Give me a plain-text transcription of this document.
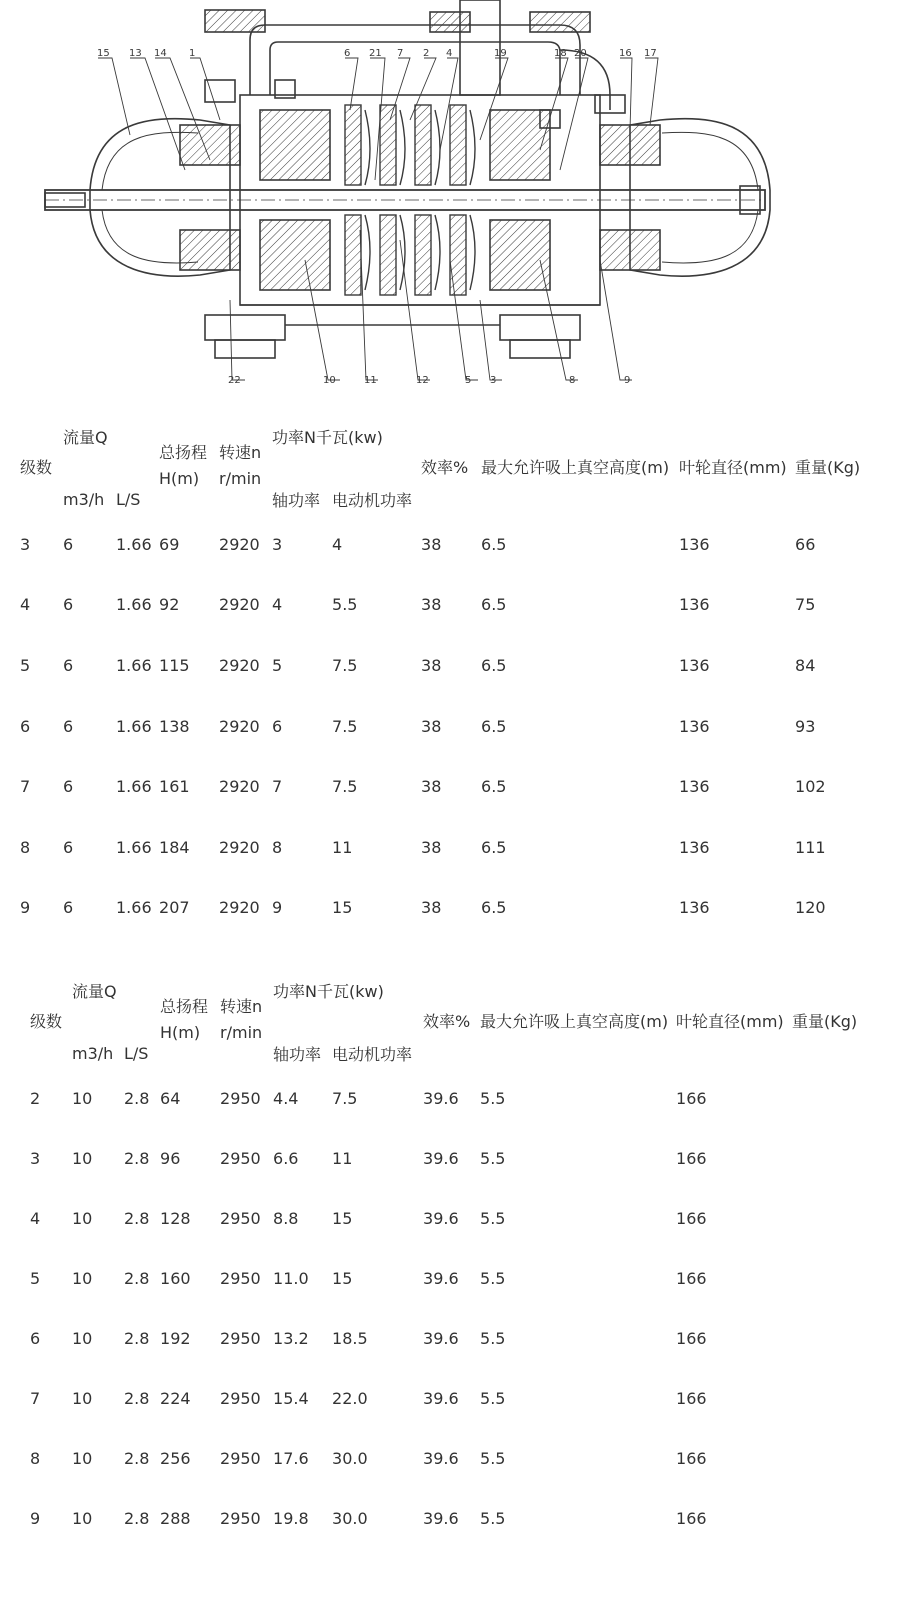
15 13 14 1	6 21 7 2 4	19	18 20	16 17
22	10	11	12	5 3	8	9
级数	流量Q		总扬程
H(m)	转速n
r/min	功率N千瓦(kw)		效率%	最大允许吸上真空高度(m)	叶轮直径(mm)	重量(Kg)

	m3/h	L/S			轴功率	电动机功率				
3	6	1.66	69	2920	3	4	38	6.5	136	66
4	6	1.66	92	2920	4	5.5	38	6.5	136	75
5	6	1.66	115	2920	5	7.5	38	6.5	136	84
6	6	1.66	138	2920	6	7.5	38	6.5	136	93
7	6	1.66	161	2920	7	7.5	38	6.5	136	102
8	6	1.66	184	2920	8	11	38	6.5	136	111
9	6	1.66	207	2920	9	15	38	6.5	136	120
级数	流量Q		总扬程
H(m)	转速n
r/min	功率N千瓦(kw)		效率%	最大允许吸上真空高度(m)	叶轮直径(mm)	重量(Kg)

	m3/h	L/S			轴功率	电动机功率				
2	10	2.8	64	2950	4.4	7.5	39.6	5.5	166	
3	10	2.8	96	2950	6.6	11	39.6	5.5	166	
4	10	2.8	128	2950	8.8	15	39.6	5.5	166	
5	10	2.8	160	2950	11.0	15	39.6	5.5	166	
6	10	2.8	192	2950	13.2	18.5	39.6	5.5	166	
7	10	2.8	224	2950	15.4	22.0	39.6	5.5	166	
8	10	2.8	256	2950	17.6	30.0	39.6	5.5	166	
9	10	2.8	288	2950	19.8	30.0	39.6	5.5	166	
